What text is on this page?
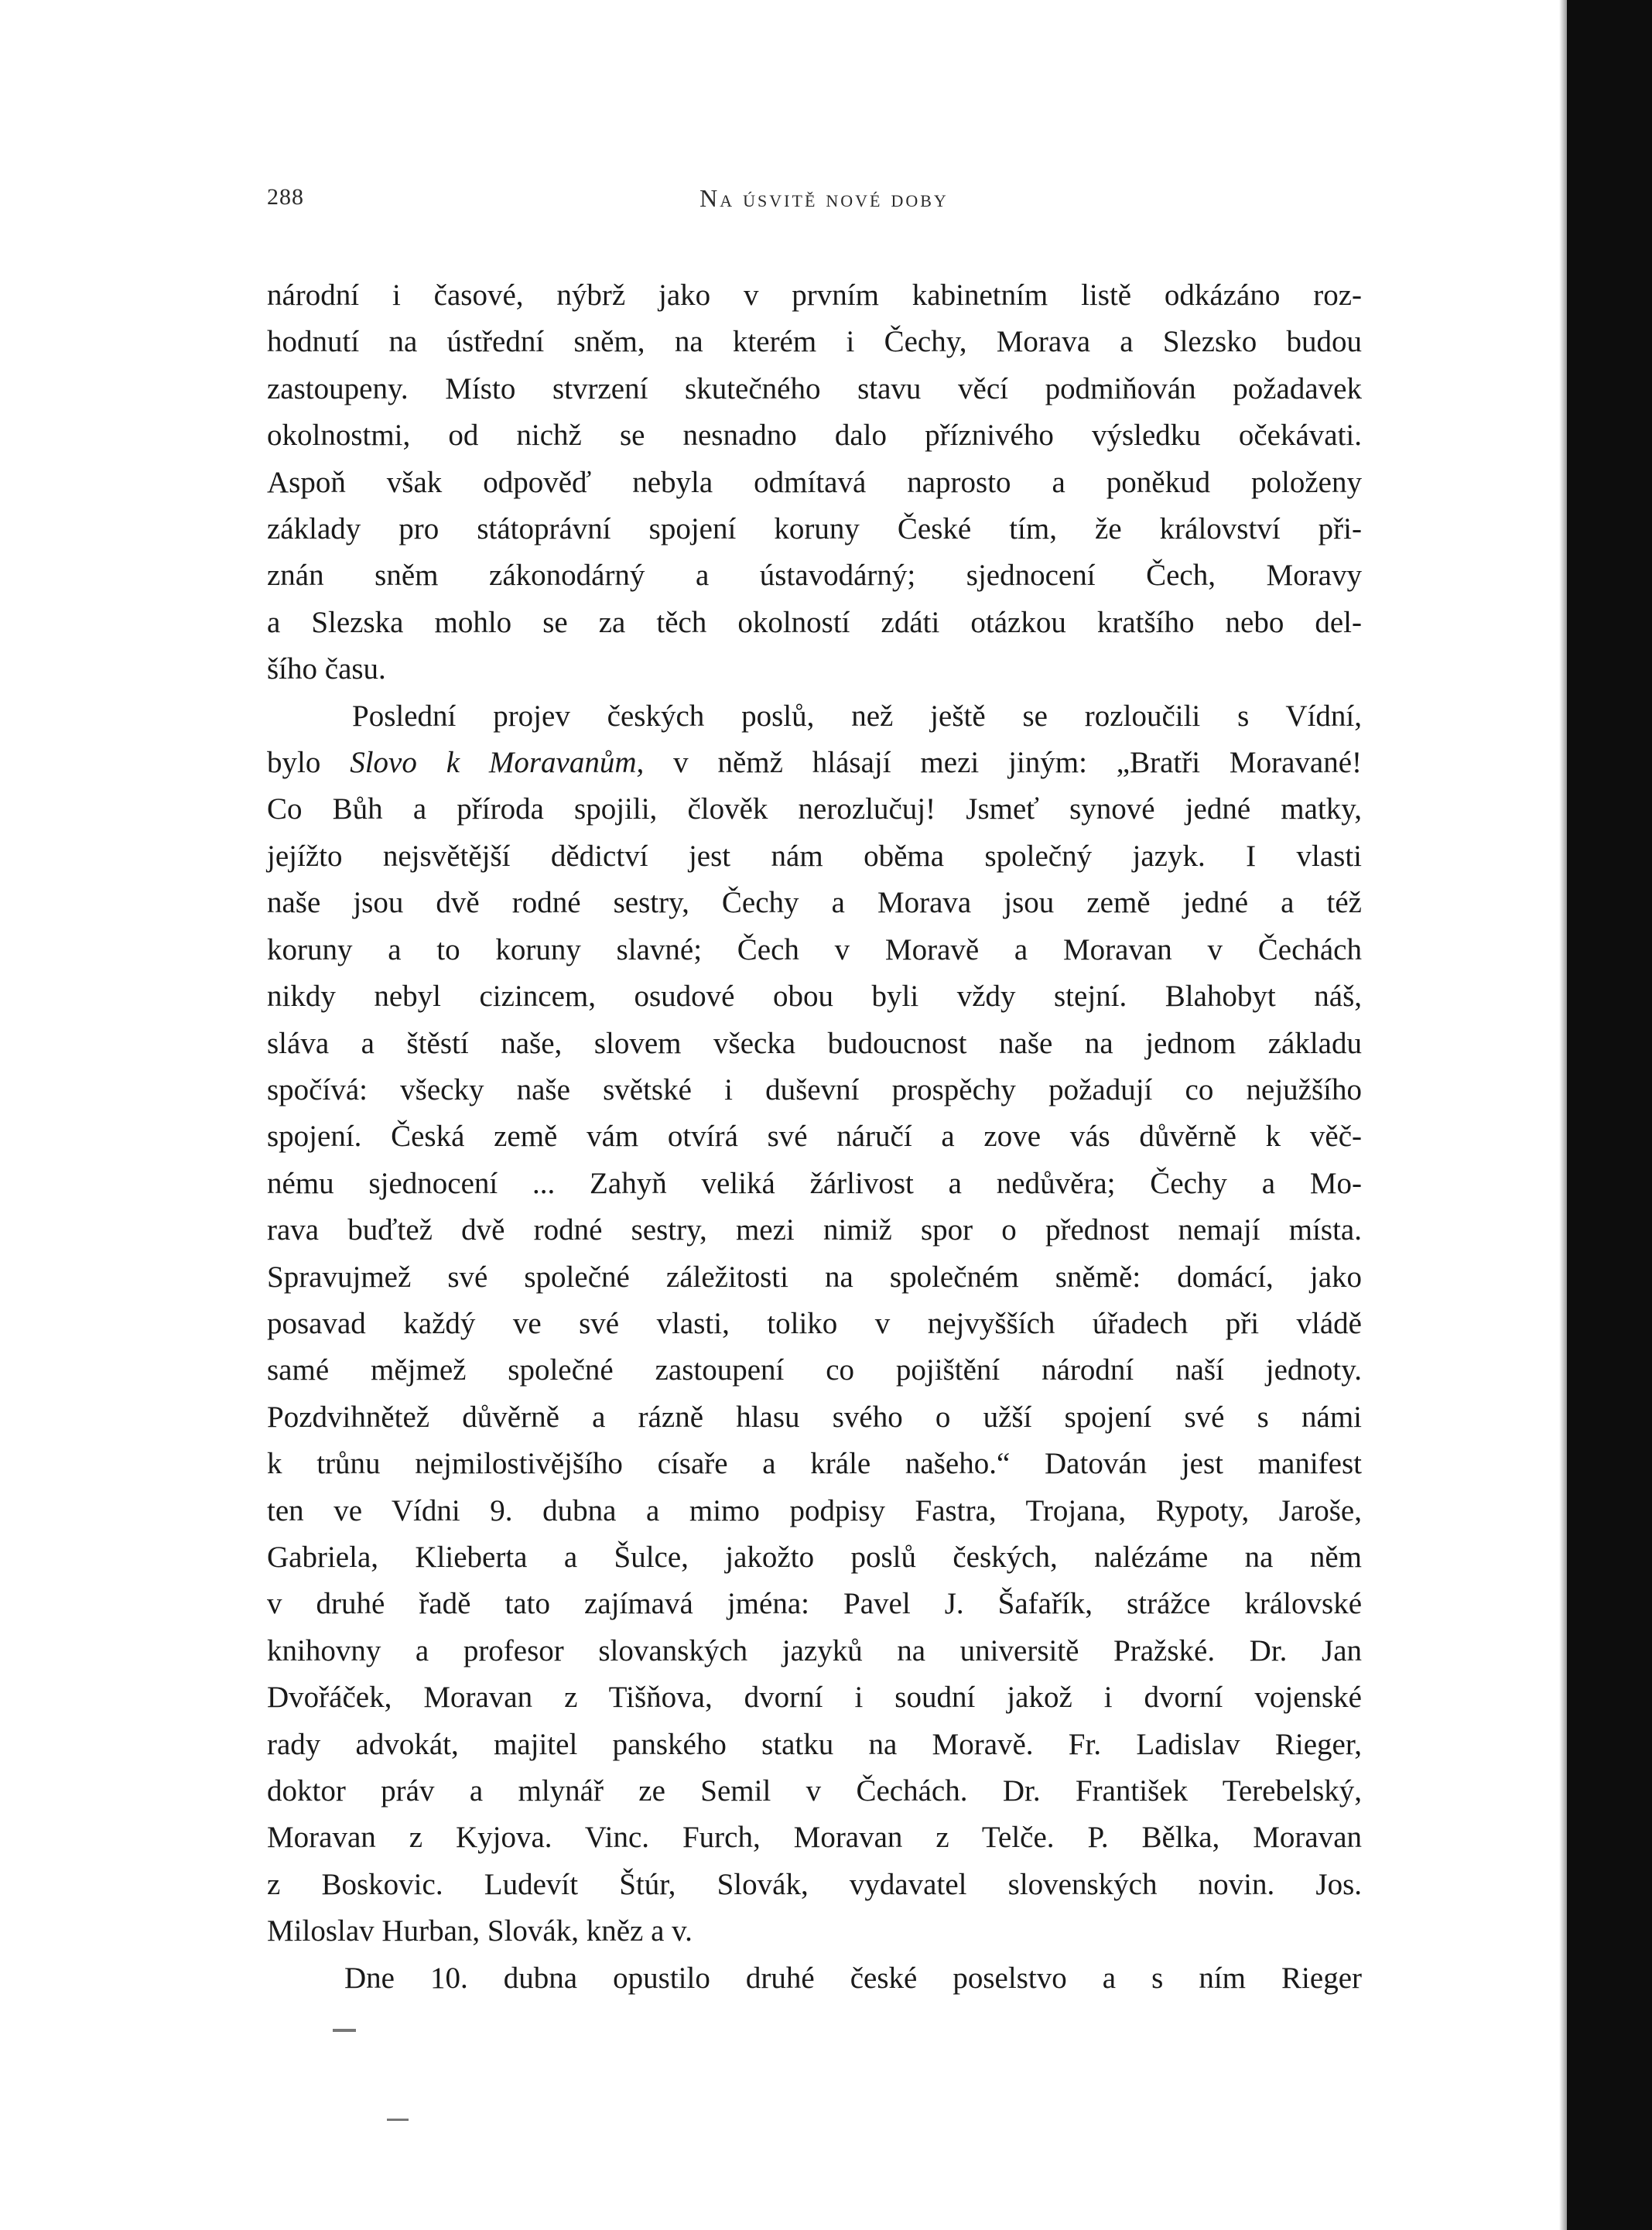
288	Na úsvitě nové doby
národní i časové, nýbrž jako v prvním kabinetním listě odkázáno roz-
hodnutí na ústřední sněm, na kterém i Čechy, Morava a Slezsko budou
zastoupeny. Místo stvrzení skutečného stavu věcí podmiňován požadavek
okolnostmi, od nichž se nesnadno dalo příznivého výsledku očekávati.
Aspoň však odpověď nebyla odmítavá naprosto a poněkud položeny
základy pro státoprávní spojení koruny České tím, že království při-
znán sněm zákonodárný a ústavodárný; sjednocení Čech, Moravy
a Slezska mohlo se za těch okolností zdáti otázkou kratšího nebo del-
šího času.
Poslední projev českých poslů, než ještě se rozloučili s Vídní,
bylo Slovo k Moravanům, v němž hlásají mezi jiným: „Bratři Moravané!
Co Bůh a příroda spojili, člověk nerozlučuj! Jsmeť synové jedné matky,
jejížto nejsvětější dědictví jest nám oběma společný jazyk. I vlasti
naše jsou dvě rodné sestry, Čechy a Morava jsou země jedné a též
koruny a to koruny slavné; Čech v Moravě a Moravan v Čechách
nikdy nebyl cizincem, osudové obou byli vždy stejní. Blahobyt náš,
sláva a štěstí naše, slovem všecka budoucnost naše na jednom základu
spočívá: všecky naše světské i duševní prospěchy požadují co nejužšího
spojení. Česká země vám otvírá své náručí a zove vás důvěrně k věč-
nému sjednocení ... Zahyň veliká žárlivost a nedůvěra; Čechy a Mo-
rava buďtež dvě rodné sestry, mezi nimiž spor o přednost nemají místa.
Spravujmež své společné záležitosti na společném sněmě: domácí, jako
posavad každý ve své vlasti, toliko v nejvyšších úřadech při vládě
samé mějmež společné zastoupení co pojištění národní naší jednoty.
Pozdvihnětež důvěrně a rázně hlasu svého o užší spojení své s námi
k trůnu nejmilostivějšího císaře a krále našeho.“ Datován jest manifest
ten ve Vídni 9. dubna a mimo podpisy Fastra, Trojana, Rypoty, Jaroše,
Gabriela, Klieberta a Šulce, jakožto poslů českých, nalézáme na něm
v druhé řadě tato zajímavá jména: Pavel J. Šafařík, strážce královské
knihovny a profesor slovanských jazyků na universitě Pražské. Dr. Jan
Dvořáček, Moravan z Tišňova, dvorní i soudní jakož i dvorní vojenské
rady advokát, majitel panského statku na Moravě. Fr. Ladislav Rieger,
doktor práv a mlynář ze Semil v Čechách. Dr. František Terebelský,
Moravan z Kyjova. Vinc. Furch, Moravan z Telče. P. Bělka, Moravan
z Boskovic. Ludevít Štúr, Slovák, vydavatel slovenských novin. Jos.
Miloslav Hurban, Slovák, kněz a v.
Dne 10. dubna opustilo druhé české poselstvo a s ním Rieger
